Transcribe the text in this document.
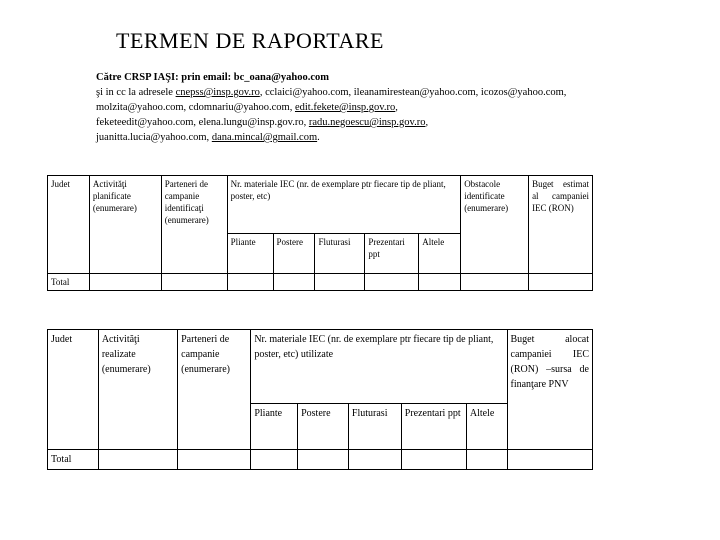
TERMEN DE RAPORTARE

Către CRSP IAŞI: prin email: bc_oana@yahoo.com

şi in cc la adresele cnepss@insp.gov.ro, cclaici@yahoo.com, ileanamirestean@yahoo.com, icozos@yahoo.com,

molzita@yahoo.com, cdomnariu@yahoo.com, edit.fekete@insp.gov.ro,

feketeedit@yahoo.com, elena.lungu@insp.gov.ro, radu.negoescu@insp.gov.ro,

juanitta.lucia@yahoo.com, dana.mincal@gmail.com.

Judet	Activităţi planificate (enumerare)	Parteneri de campanie identificaţi (enumerare)	Nr. materiale IEC (nr. de exemplare ptr fiecare tip de pliant, poster, etc)					Obstacole identificate (enumerare)	Buget estimat al campaniei IEC (RON)
			Pliante	Postere	Fluturasi	Prezentari ppt	Altele		
Total									
Judet	Activităţi realizate (enumerare)	Parteneri de campanie (enumerare)	Nr. materiale IEC (nr. de exemplare ptr fiecare tip de pliant, poster, etc) utilizate					Buget alocat campaniei IEC (RON) –sursa de finanţare PNV
			Pliante	Postere	Fluturasi	Prezentari ppt	Altele	
Total								
